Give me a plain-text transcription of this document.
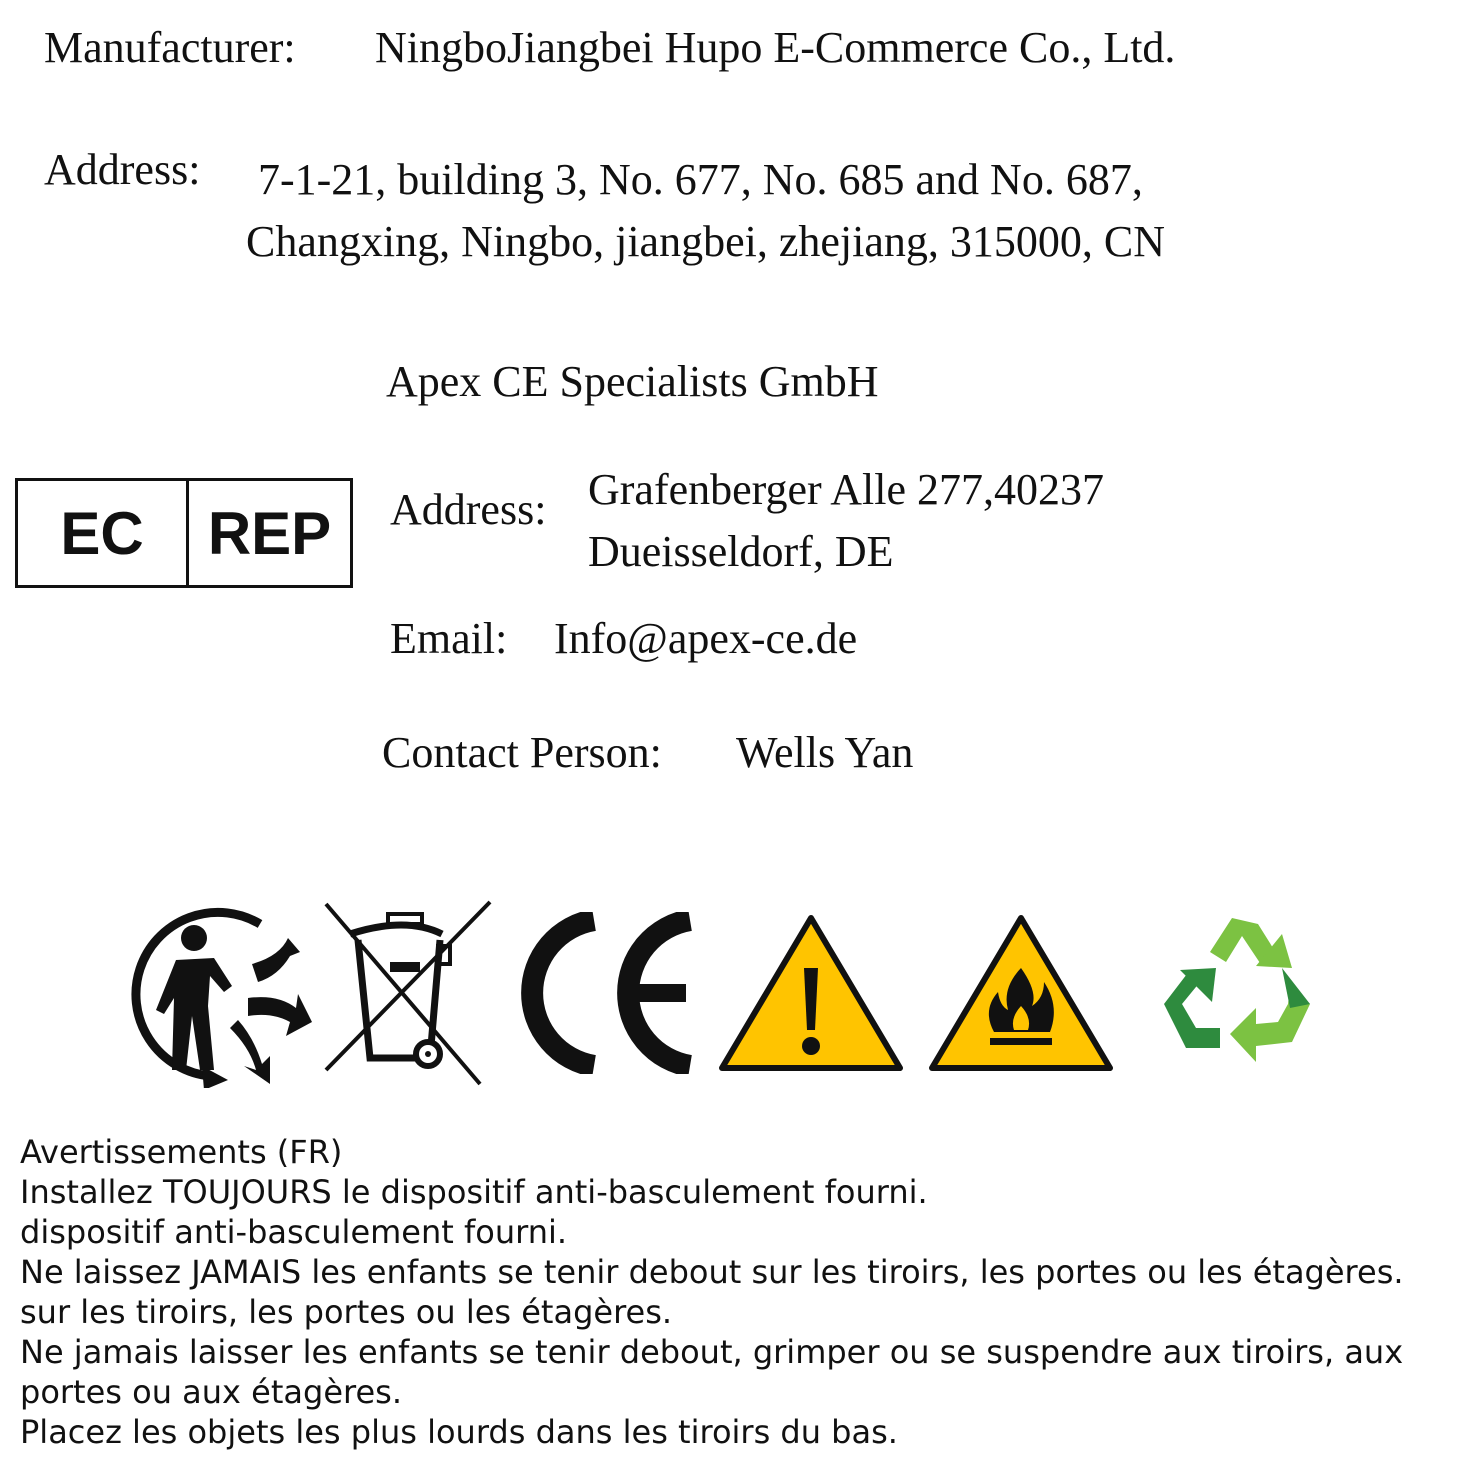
Manufacturer: NingboJiangbei Hupo E-Commerce Co., Ltd.
Address: 7-1-21, building 3, No. 677, No. 685 and No. 687,
Changxing, Ningbo, jiangbei, zhejiang, 315000, CN
Apex CE Specialists GmbH
EC	REP	Address: Grafenberger Alle 277,40237
Dueisseldorf, DE
Email: Info@apex-ce.de
Contact Person: Wells Yan
Avertissements (FR)
Installez TOUJOURS le dispositif anti-basculement fourni.
dispositif anti-basculement fourni.
Ne laissez JAMAIS les enfants se tenir debout sur les tiroirs, les portes ou les étagères.
sur les tiroirs, les portes ou les étagères.
Ne jamais laisser les enfants se tenir debout, grimper ou se suspendre aux tiroirs, aux
portes ou aux étagères.
Placez les objets les plus lourds dans les tiroirs du bas.
